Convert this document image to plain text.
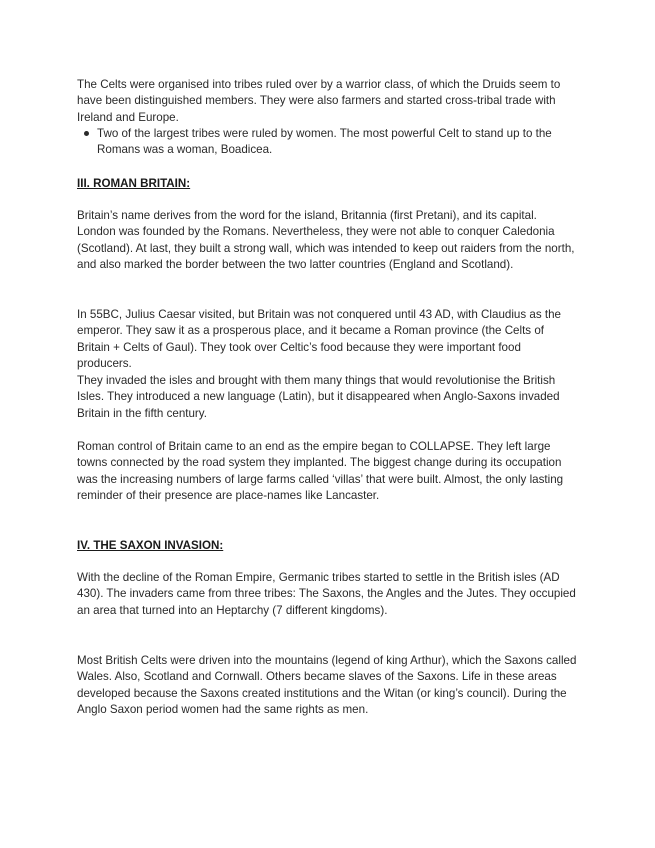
The Celts were organised into tribes ruled over by a warrior class, of which the Druids seem to have been distinguished members. They were also farmers and started cross-tribal trade with Ireland and Europe.

Two of the largest tribes were ruled by women. The most powerful Celt to stand up to the Romans was a woman, Boadicea.
III. ROMAN BRITAIN:

Britain’s name derives from the word for the island, Britannia (first Pretani), and its capital. London was founded by the Romans. Nevertheless, they were not able to conquer Caledonia (Scotland). At last, they built a strong wall, which was intended to keep out raiders from the north, and also marked the border between the two latter countries (England and Scotland).

In 55BC, Julius Caesar visited, but Britain was not conquered until 43 AD, with Claudius as the emperor. They saw it as a prosperous place, and it became a Roman province (the Celts of Britain + Celts of Gaul). They took over Celtic’s food because they were important food producers.

They invaded the isles and brought with them many things that would revolutionise the British Isles. They introduced a new language (Latin), but it disappeared when Anglo-Saxons invaded Britain in the fifth century.

Roman control of Britain came to an end as the empire began to COLLAPSE. They left large towns connected by the road system they implanted. The biggest change during its occupation was the increasing numbers of large farms called ‘villas’ that were built. Almost, the only lasting reminder of their presence are place-names like Lancaster.

IV. THE SAXON INVASION:

With the decline of the Roman Empire, Germanic tribes started to settle in the British isles (AD 430). The invaders came from three tribes: The Saxons, the Angles and the Jutes. They occupied an area that turned into an Heptarchy (7 different kingdoms).

Most British Celts were driven into the mountains (legend of king Arthur), which the Saxons called Wales. Also, Scotland and Cornwall. Others became slaves of the Saxons. Life in these areas developed because the Saxons created institutions and the Witan (or king’s council). During the Anglo Saxon period women had the same rights as men.
